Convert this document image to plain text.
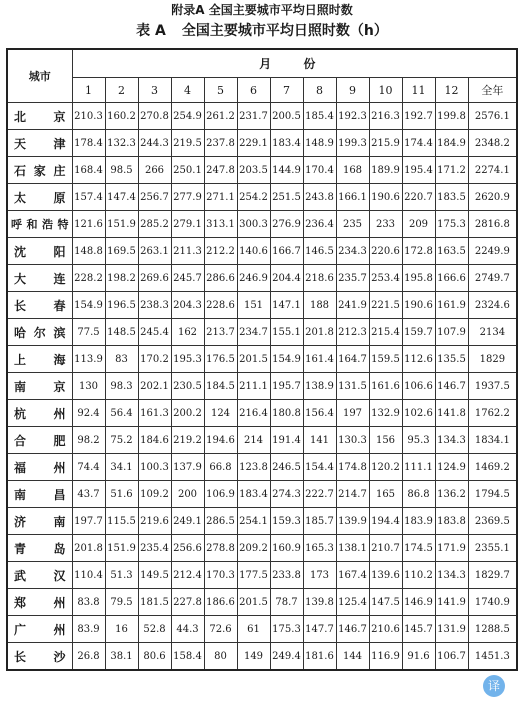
附录A 全国主要城市平均日照时数
表 A 全国主要城市平均日照时数（h）
城市	月 份												
	1	2	3	4	5	6	7	8	9	10	11	12	全年
北京	210.3	160.2	270.8	254.9	261.2	231.7	200.5	185.4	192.3	216.3	192.7	199.8	2576.1
天津	178.4	132.3	244.3	219.5	237.8	229.1	183.4	148.9	199.3	215.9	174.4	184.9	2348.2
石家庄	168.4	98.5	266	250.1	247.8	203.5	144.9	170.4	168	189.9	195.4	171.2	2274.1
太原	157.4	147.4	256.7	277.9	271.1	254.2	251.5	243.8	166.1	190.6	220.7	183.5	2620.9
呼和浩特	121.6	151.9	285.2	279.1	313.1	300.3	276.9	236.4	235	233	209	175.3	2816.8
沈阳	148.8	169.5	263.1	211.3	212.2	140.6	166.7	146.5	234.3	220.6	172.8	163.5	2249.9
大连	228.2	198.2	269.6	245.7	286.6	246.9	204.4	218.6	235.7	253.4	195.8	166.6	2749.7
长春	154.9	196.5	238.3	204.3	228.6	151	147.1	188	241.9	221.5	190.6	161.9	2324.6
哈尔滨	77.5	148.5	245.4	162	213.7	234.7	155.1	201.8	212.3	215.4	159.7	107.9	2134
上海	113.9	83	170.2	195.3	176.5	201.5	154.9	161.4	164.7	159.5	112.6	135.5	1829
南京	130	98.3	202.1	230.5	184.5	211.1	195.7	138.9	131.5	161.6	106.6	146.7	1937.5
杭州	92.4	56.4	161.3	200.2	124	216.4	180.8	156.4	197	132.9	102.6	141.8	1762.2
合肥	98.2	75.2	184.6	219.2	194.6	214	191.4	141	130.3	156	95.3	134.3	1834.1
福州	74.4	34.1	100.3	137.9	66.8	123.8	246.5	154.4	174.8	120.2	111.1	124.9	1469.2
南昌	43.7	51.6	109.2	200	106.9	183.4	274.3	222.7	214.7	165	86.8	136.2	1794.5
济南	197.7	115.5	219.6	249.1	286.5	254.1	159.3	185.7	139.9	194.4	183.9	183.8	2369.5
青岛	201.8	151.9	235.4	256.6	278.8	209.2	160.9	165.3	138.1	210.7	174.5	171.9	2355.1
武汉	110.4	51.3	149.5	212.4	170.3	177.5	233.8	173	167.4	139.6	110.2	134.3	1829.7
郑州	83.8	79.5	181.5	227.8	186.6	201.5	78.7	139.8	125.4	147.5	146.9	141.9	1740.9
广州	83.9	16	52.8	44.3	72.6	61	175.3	147.7	146.7	210.6	145.7	131.9	1288.5
长沙	26.8	38.1	80.6	158.4	80	149	249.4	181.6	144	116.9	91.6	106.7	1451.3
译
